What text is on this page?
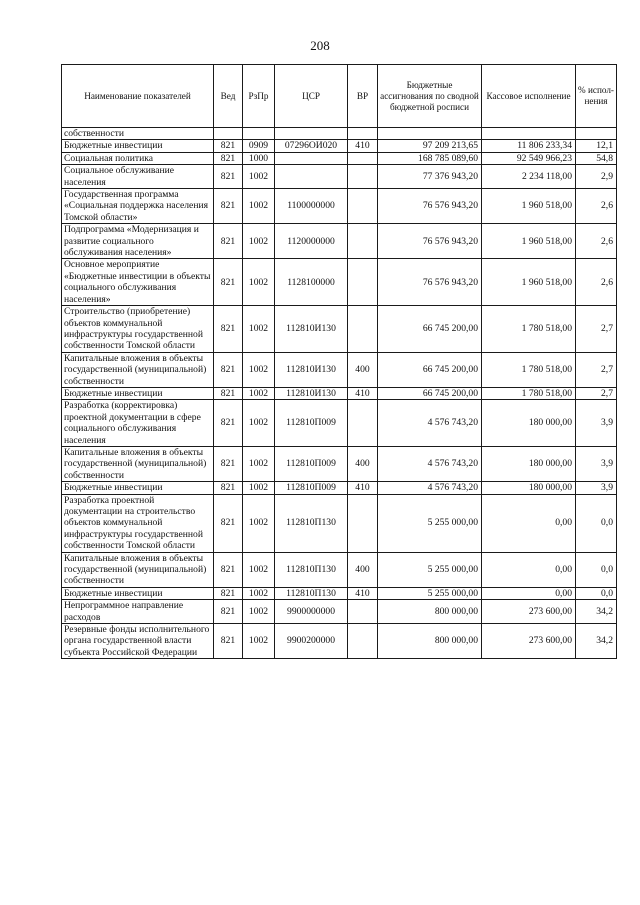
208
Наименование показателей	Вед	РзПр	ЦСР	ВР	Бюджетные ассигнования по сводной бюджетной росписи	Кассовое исполнение	% испол-нения
собственности							
Бюджетные инвестиции	821	0909	07296ОИ020	410	97 209 213,65	11 806 233,34	12,1
Социальная политика	821	1000			168 785 089,60	92 549 966,23	54,8
Социальное обслуживание населения	821	1002			77 376 943,20	2 234 118,00	2,9
Государственная программа «Социальная поддержка населения Томской области»	821	1002	1100000000		76 576 943,20	1 960 518,00	2,6
Подпрограмма «Модернизация и развитие социального обслуживания населения»	821	1002	1120000000		76 576 943,20	1 960 518,00	2,6
Основное мероприятие «Бюджетные инвестиции в объекты социального обслуживания населения»	821	1002	1128100000		76 576 943,20	1 960 518,00	2,6
Строительство (приобретение) объектов коммунальной инфраструктуры государственной собственности Томской области	821	1002	112810И130		66 745 200,00	1 780 518,00	2,7
Капитальные вложения в объекты государственной (муниципальной) собственности	821	1002	112810И130	400	66 745 200,00	1 780 518,00	2,7
Бюджетные инвестиции	821	1002	112810И130	410	66 745 200,00	1 780 518,00	2,7
Разработка (корректировка) проектной документации в сфере социального обслуживания населения	821	1002	112810П009		4 576 743,20	180 000,00	3,9
Капитальные вложения в объекты государственной (муниципальной) собственности	821	1002	112810П009	400	4 576 743,20	180 000,00	3,9
Бюджетные инвестиции	821	1002	112810П009	410	4 576 743,20	180 000,00	3,9
Разработка проектной документации на строительство объектов коммунальной инфраструктуры государственной собственности Томской области	821	1002	112810П130		5 255 000,00	0,00	0,0
Капитальные вложения в объекты государственной (муниципальной) собственности	821	1002	112810П130	400	5 255 000,00	0,00	0,0
Бюджетные инвестиции	821	1002	112810П130	410	5 255 000,00	0,00	0,0
Непрограммное направление расходов	821	1002	9900000000		800 000,00	273 600,00	34,2
Резервные фонды исполнительного органа государственной власти субъекта Российской Федерации	821	1002	9900200000		800 000,00	273 600,00	34,2
